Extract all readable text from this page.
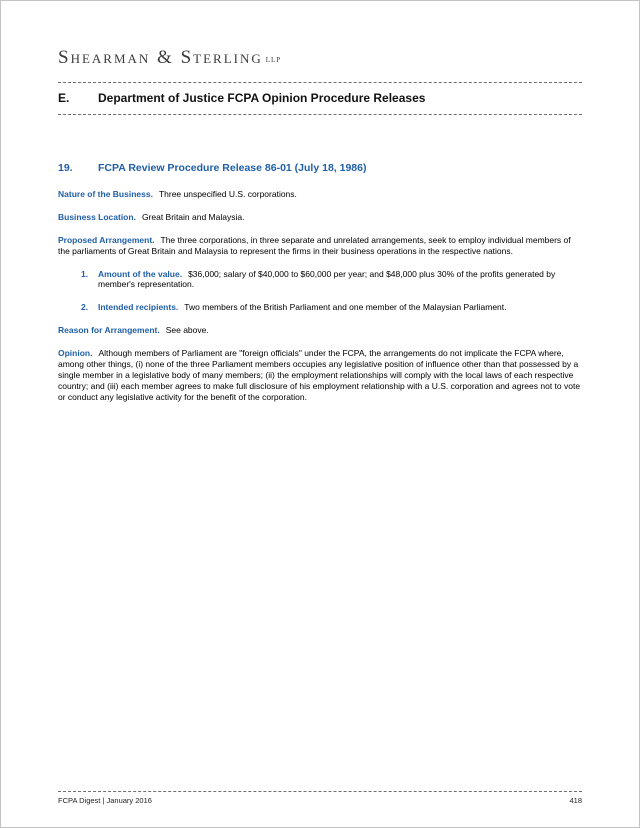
Shearman & Sterling LLP
E.	Department of Justice FCPA Opinion Procedure Releases
19.	FCPA Review Procedure Release 86-01 (July 18, 1986)

Nature of the Business. Three unspecified U.S. corporations.

Business Location. Great Britain and Malaysia.

Proposed Arrangement. The three corporations, in three separate and unrelated arrangements, seek to employ individual members of the parliaments of Great Britain and Malaysia to represent the firms in their business operations in the respective nations.

1.	Amount of the value. $36,000; salary of $40,000 to $60,000 per year; and $48,000 plus 30% of the profits generated by member's representation.
2.	Intended recipients. Two members of the British Parliament and one member of the Malaysian Parliament.

Reason for Arrangement. See above.

Opinion. Although members of Parliament are "foreign officials" under the FCPA, the arrangements do not implicate the FCPA where, among other things, (i) none of the three Parliament members occupies any legislative position of influence other than that possessed by a single member in a legislative body of many members; (ii) the employment relationships will comply with the local laws of each respective country; and (iii) each member agrees to make full disclosure of his employment relationship with a U.S. corporation and agrees not to vote or conduct any legislative activity for the benefit of the corporation.

FCPA Digest | January 2016	418
